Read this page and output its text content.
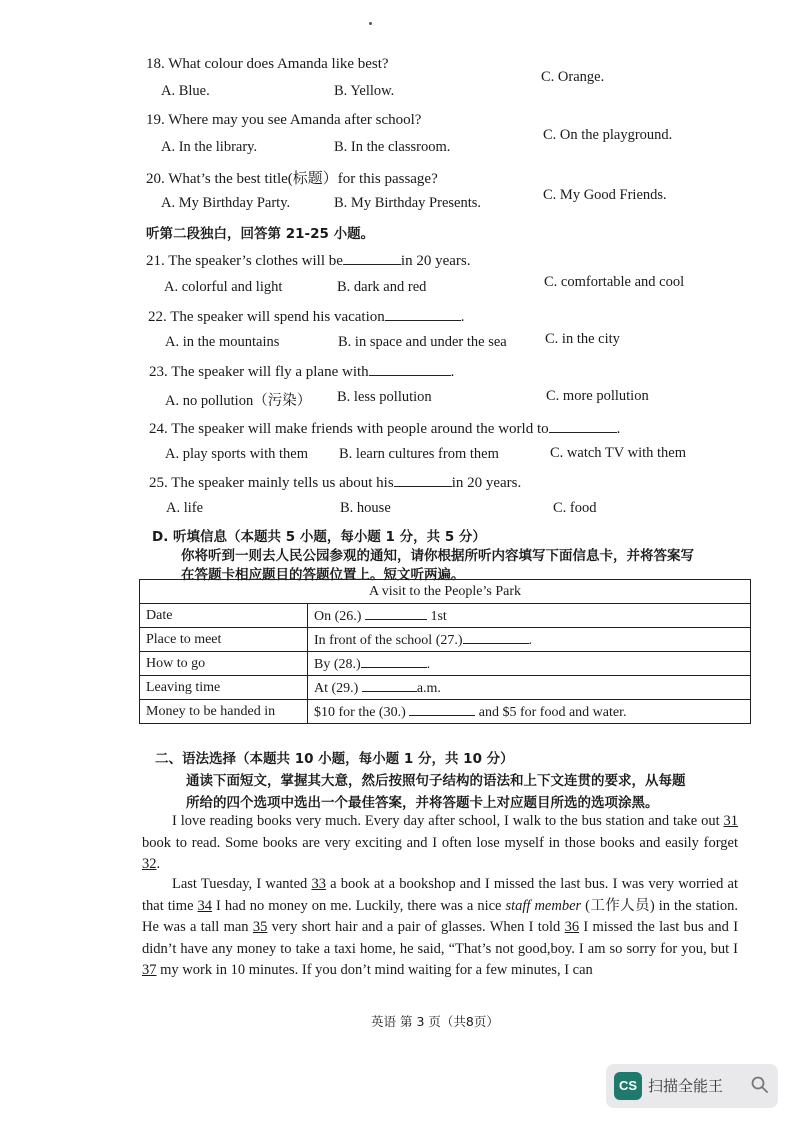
18. What colour does Amanda like best?
A. Blue.	B. Yellow.
C. Orange.
19. Where may you see Amanda after school?
A. In the library.	B. In the classroom.
C. On the playground.
20. What’s the best title(标题）for this passage?
A. My Birthday Party.	B. My Birthday Presents.	C. My Good Friends.
听第二段独白，回答第 21-25 小题。
21. The speaker’s clothes will be	in 20 years.
A. colorful and light	B. dark and red	C. comfortable and cool
22. The speaker will spend his vacation	.
A. in the mountains	B. in space and under the sea	C. in the city
23. The speaker will fly a plane with	.
A. no pollution（污染） B. less pollution	C. more pollution
24. The speaker will make friends with people around the world to	.
A. play sports with them B. learn cultures from them	C. watch TV with them
25. The speaker mainly tells us about his	in 20 years.
A. life	B. house	C. food
D. 听填信息（本题共 5 小题，每小题 1 分，共 5 分）
你将听到一则去人民公园参观的通知，请你根据所听内容填写下面信息卡，并将答案写
在答题卡相应题目的答题位置上。短文听两遍。
A visit to the People’s Park	
Date	On (26.) 1st
Place to meet	In front of the school (27.) .
How to go	By (28.) .
Leaving time	At (29.) a.m.
Money to be handed in	$10 for the (30.) and $5 for food and water.
二、语法选择（本题共 10 小题，每小题 1 分，共 10 分）
通读下面短文，掌握其大意，然后按照句子结构的语法和上下文连贯的要求，从每题
所给的四个选项中选出一个最佳答案，并将答题卡上对应题目所选的选项涂黑。
I love reading books very much. Every day after school, I walk to the bus station and take out 31 book to read. Some books are very exciting and I often lose myself in those books and easily forget 32.
Last Tuesday, I wanted 33 a book at a bookshop and I missed the last bus. I was very worried at that time 34 I had no money on me. Luckily, there was a nice staff member (工作人员) in the station. He was a tall man 35 very short hair and a pair of glasses. When I told 36 I missed the last bus and I didn’t have any money to take a taxi home, he said, “That’s not good,boy. I am so sorry for you, but I 37 my work in 10 minutes. If you don’t mind waiting for a few minutes, I can
英语 第 3 页（共8页）
CS 扫描全能王
